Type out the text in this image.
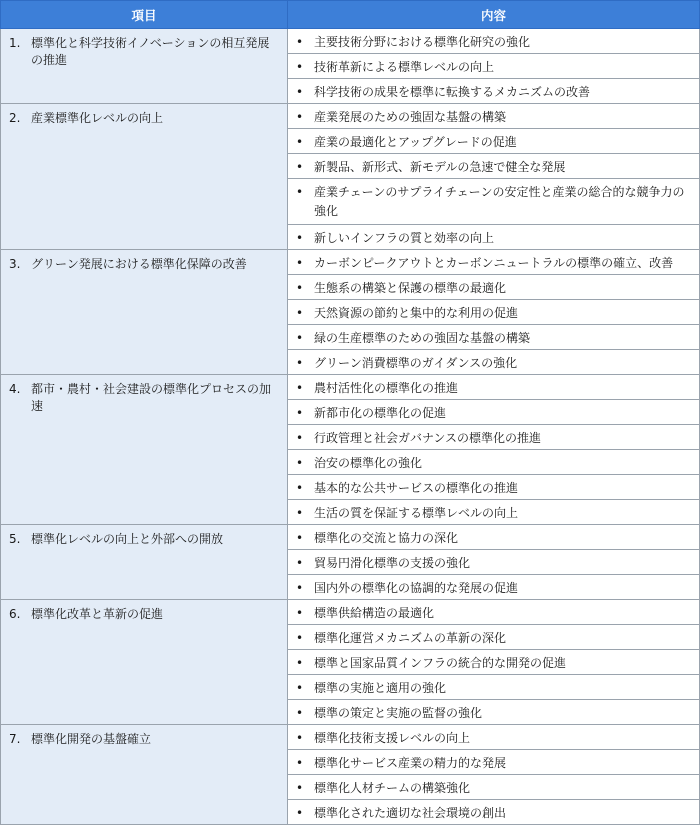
項目	内容

1. 標準化と科学技術イノベーションの相互発展の推進	• 主要技術分野における標準化研究の強化

	• 技術革新による標準レベルの向上

	• 科学技術の成果を標準に転換するメカニズムの改善

2. 産業標準化レベルの向上	• 産業発展のための強固な基盤の構築

	• 産業の最適化とアップグレードの促進

	• 新製品、新形式、新モデルの急速で健全な発展

	• 産業チェーンのサプライチェーンの安定性と産業の総合的な競争力の強化

	• 新しいインフラの質と効率の向上

3. グリーン発展における標準化保障の改善	• カーボンピークアウトとカーボンニュートラルの標準の確立、改善

	• 生態系の構築と保護の標準の最適化

	• 天然資源の節約と集中的な利用の促進

	• 緑の生産標準のための強固な基盤の構築

	• グリーン消費標準のガイダンスの強化

4. 都市・農村・社会建設の標準化プロセスの加速	• 農村活性化の標準化の推進

	• 新都市化の標準化の促進

	• 行政管理と社会ガバナンスの標準化の推進

	• 治安の標準化の強化

	• 基本的な公共サービスの標準化の推進

	• 生活の質を保証する標準レベルの向上

5. 標準化レベルの向上と外部への開放	• 標準化の交流と協力の深化

	• 貿易円滑化標準の支援の強化

	• 国内外の標準化の協調的な発展の促進

6. 標準化改革と革新の促進	• 標準供給構造の最適化

	• 標準化運営メカニズムの革新の深化

	• 標準と国家品質インフラの統合的な開発の促進

	• 標準の実施と適用の強化

	• 標準の策定と実施の監督の強化

7. 標準化開発の基盤確立	• 標準化技術支援レベルの向上

	• 標準化サービス産業の精力的な発展

	• 標準化人材チームの構築強化

	• 標準化された適切な社会環境の創出
